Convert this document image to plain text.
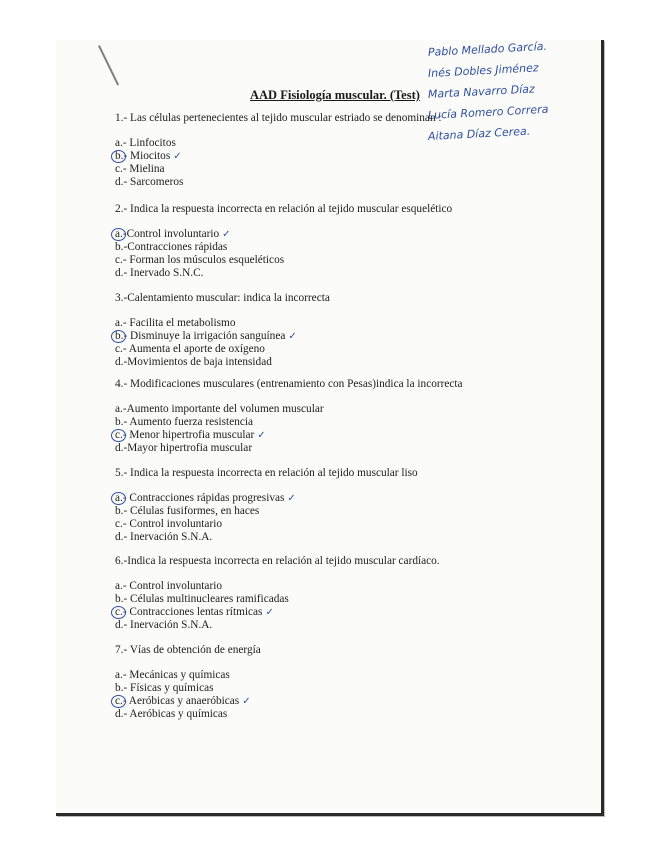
Pablo Mellado García.
Inés Dobles Jiménez
Marta Navarro Díaz
Lucía Romero Correra
Aitana Díaz Cerea.
AAD Fisiología muscular. (Test)
1.- Las células pertenecientes al tejido muscular estriado se denominan :
a.- Linfocitos
b.- Miocitos ✓
c.- Mielina
d.- Sarcomeros
2.- Indica la respuesta incorrecta en relación al tejido muscular esquelético
a.-Control involuntario ✓
b.-Contracciones rápidas
c.- Forman los músculos esqueléticos
d.- Inervado S.N.C.
3.-Calentamiento muscular: indica la incorrecta
a.- Facilita el metabolismo
b.- Disminuye la irrigación sanguínea ✓
c.- Aumenta el aporte de oxígeno
d.-Movimientos de baja intensidad
4.- Modificaciones musculares (entrenamiento con Pesas)indica la incorrecta
a.-Aumento importante del volumen muscular
b.- Aumento fuerza resistencia
c.- Menor hipertrofia muscular ✓
d.-Mayor hipertrofia muscular
5.- Indica la respuesta incorrecta en relación al tejido muscular liso
a.- Contracciones rápidas progresivas ✓
b.- Células fusiformes, en haces
c.- Control involuntario
d.- Inervación S.N.A.
6.-Indica la respuesta incorrecta en relación al tejido muscular cardíaco.
a.- Control involuntario
b.- Células multinucleares ramificadas
c.- Contracciones lentas rítmicas ✓
d.- Inervación S.N.A.
7.- Vías de obtención de energía
a.- Mecánicas y químicas
b.- Físicas y químicas
c.- Aeróbicas y anaeróbicas ✓
d.- Aeróbicas y químicas
